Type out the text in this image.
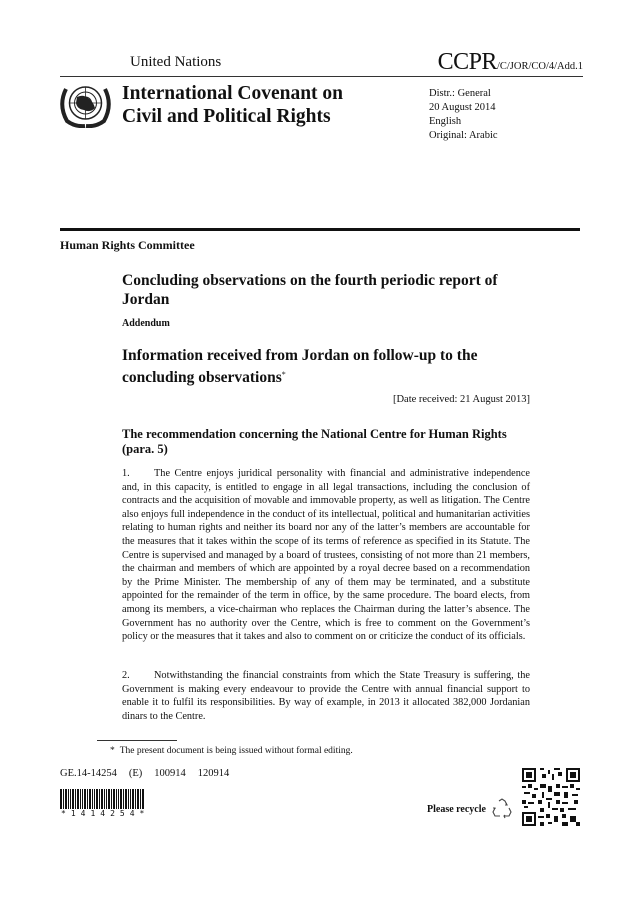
United Nations	CCPR/C/JOR/CO/4/Add.1
International Covenant on
Civil and Political Rights
Distr.: General
20 August 2014
English
Original: Arabic
Human Rights Committee
Concluding observations on the fourth periodic report of Jordan
Addendum
Information received from Jordan on follow-up to the concluding observations*
[Date received: 21 August 2013]
The recommendation concerning the National Centre for Human Rights (para. 5)
1. The Centre enjoys juridical personality with financial and administrative independence and, in this capacity, is entitled to engage in all legal transactions, including the conclusion of contracts and the acquisition of movable and immovable property, as well as litigation. The Centre also enjoys full independence in the conduct of its intellectual, political and humanitarian activities relating to human rights and neither its board nor any of the latter’s members are accountable for the measures that it takes within the scope of its terms of reference as specified in its Statute. The Centre is supervised and managed by a board of trustees, consisting of not more than 21 members, the chairman and members of which are appointed by a royal decree based on a recommendation by the Prime Minister. The membership of any of them may be terminated, and a substitute appointed for the remainder of the term in office, by the same procedure. The board elects, from among its members, a vice-chairman who replaces the Chairman during the latter’s absence. The Government has no authority over the Centre, which is free to comment on the Government’s policy or the measures that it takes and also to comment on or criticize the conduct of its officials.
2. Notwithstanding the financial constraints from which the State Treasury is suffering, the Government is making every endeavour to provide the Centre with annual financial support to enable it to fulfil its responsibilities. By way of example, in 2013 it allocated 382,000 Jordanian dinars to the Centre.
* The present document is being issued without formal editing.
GE.14-14254 (E) 100914 120914
*1414254*	Please recycle
